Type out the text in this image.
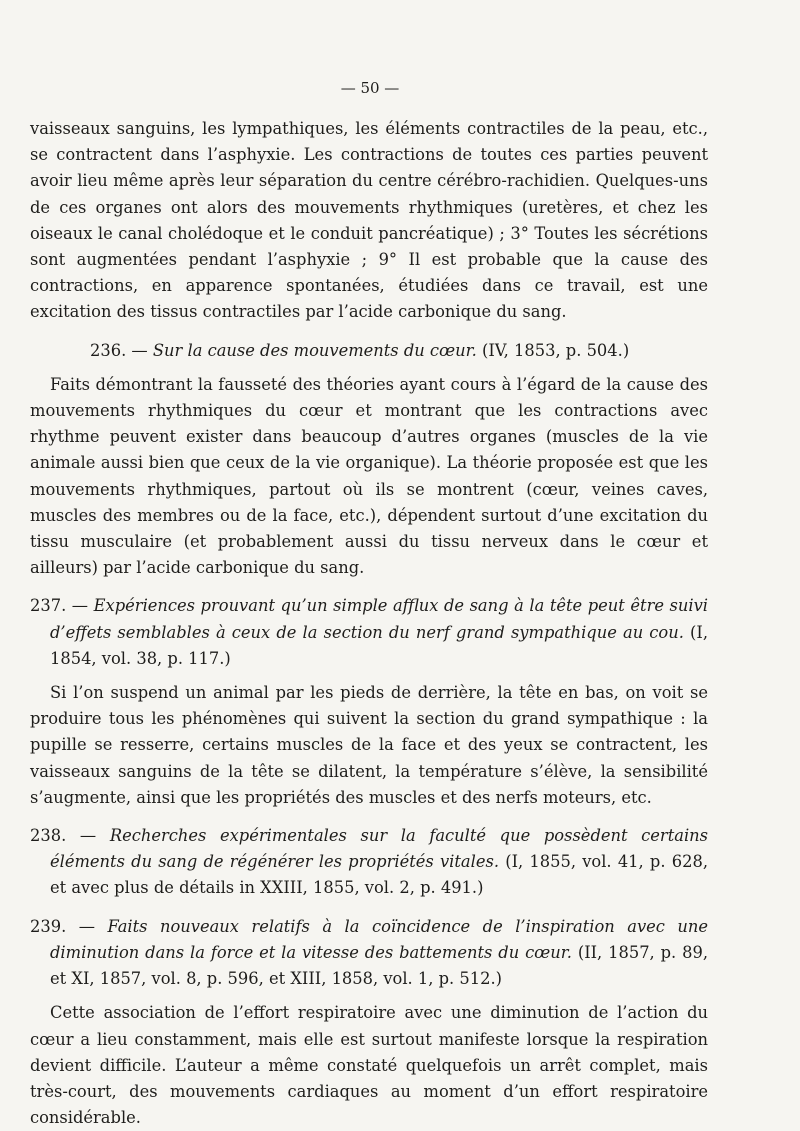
— 50 —

vaisseaux sanguins, les lympathiques, les éléments contractiles de la peau, etc., se contractent dans l’asphyxie. Les contractions de toutes ces parties peuvent avoir lieu même après leur séparation du centre cérébro-rachidien. Quelques-uns de ces organes ont alors des mouvements rhythmiques (uretères, et chez les oiseaux le canal cholédoque et le conduit pancréatique) ; 3° Toutes les sécrétions sont augmentées pendant l’asphyxie ; 9° Il est probable que la cause des contractions, en apparence spontanées, étudiées dans ce travail, est une excitation des tissus contractiles par l’acide carbonique du sang.

236. — Sur la cause des mouvements du cœur. (IV, 1853, p. 504.)

Faits démontrant la fausseté des théories ayant cours à l’égard de la cause des mouvements rhythmiques du cœur et montrant que les contractions avec rhythme peuvent exister dans beaucoup d’autres organes (muscles de la vie animale aussi bien que ceux de la vie organique). La théorie proposée est que les mouvements rhythmiques, partout où ils se montrent (cœur, veines caves, muscles des membres ou de la face, etc.), dépendent surtout d’une excitation du tissu musculaire (et probablement aussi du tissu nerveux dans le cœur et ailleurs) par l’acide carbonique du sang.

237. — Expériences prouvant qu’un simple afflux de sang à la tête peut être suivi d’effets semblables à ceux de la section du nerf grand sympathique au cou. (I, 1854, vol. 38, p. 117.)

Si l’on suspend un animal par les pieds de derrière, la tête en bas, on voit se produire tous les phénomènes qui suivent la section du grand sympathique : la pupille se resserre, certains muscles de la face et des yeux se contractent, les vaisseaux sanguins de la tête se dilatent, la température s’élève, la sensibilité s’augmente, ainsi que les propriétés des muscles et des nerfs moteurs, etc.

238. — Recherches expérimentales sur la faculté que possèdent certains éléments du sang de régénérer les propriétés vitales. (I, 1855, vol. 41, p. 628, et avec plus de détails in XXIII, 1855, vol. 2, p. 491.)

239. — Faits nouveaux relatifs à la coïncidence de l’inspiration avec une diminution dans la force et la vitesse des battements du cœur. (II, 1857, p. 89, et XI, 1857, vol. 8, p. 596, et XIII, 1858, vol. 1, p. 512.)

Cette association de l’effort respiratoire avec une diminution de l’action du cœur a lieu constamment, mais elle est surtout manifeste lorsque la respiration devient difficile. L’auteur a même constaté quelquefois un arrêt complet, mais très-court, des mouvements cardiaques au moment d’un effort respiratoire considérable.
